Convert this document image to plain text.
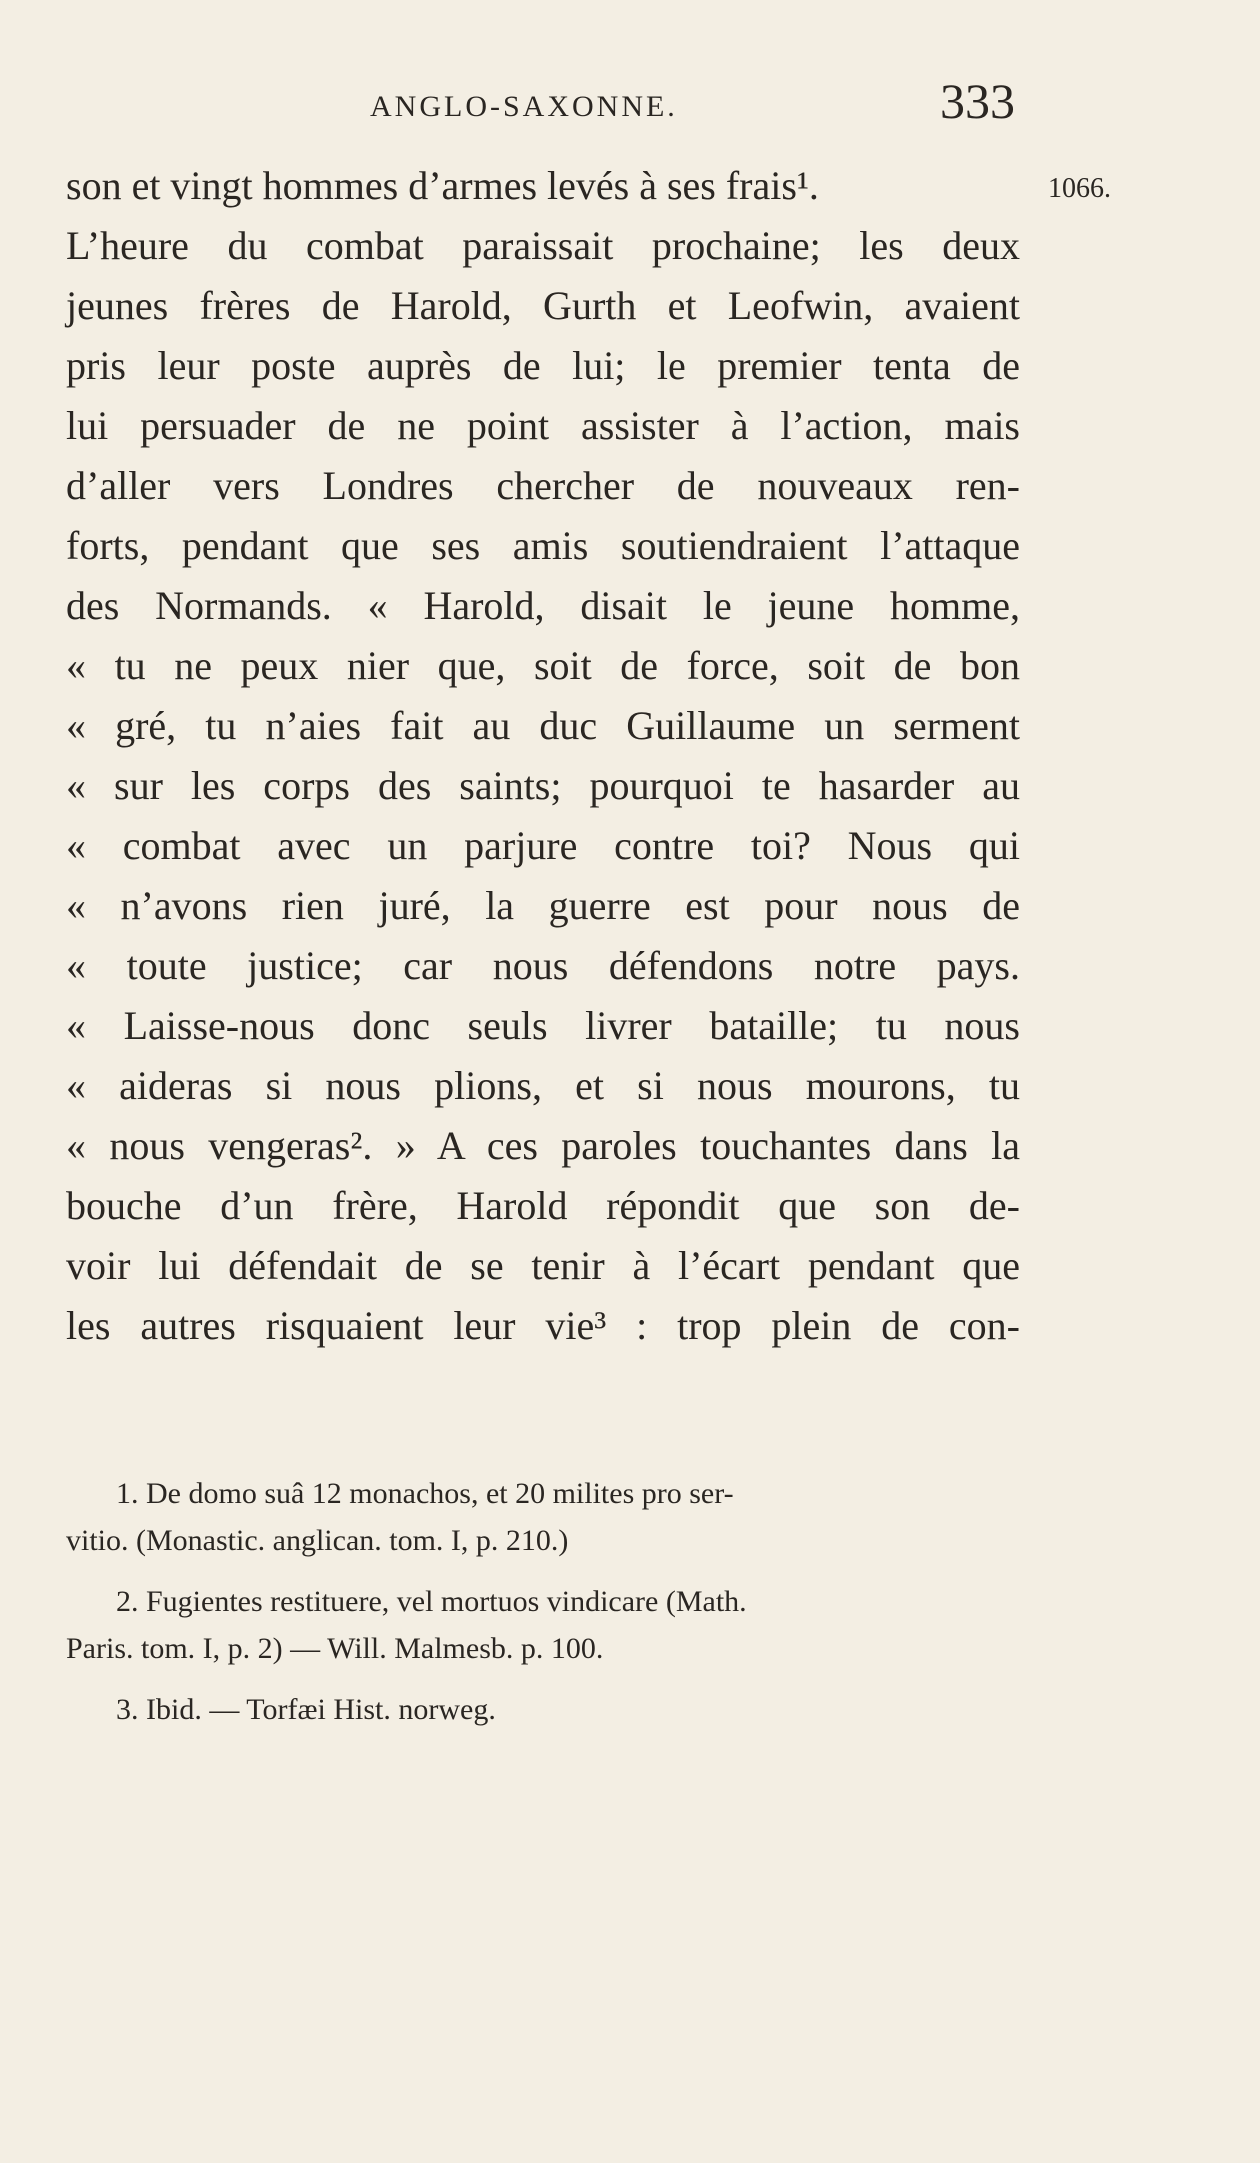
ANGLO-SAXONNE.	333
1066.
son et vingt hommes d’armes levés à ses frais¹.
L’heure du combat paraissait prochaine; les deux
jeunes frères de Harold, Gurth et Leofwin, avaient
pris leur poste auprès de lui; le premier tenta de
lui persuader de ne point assister à l’action, mais
d’aller vers Londres chercher de nouveaux ren-
forts, pendant que ses amis soutiendraient l’attaque
des Normands. « Harold, disait le jeune homme,
« tu ne peux nier que, soit de force, soit de bon
« gré, tu n’aies fait au duc Guillaume un serment
« sur les corps des saints; pourquoi te hasarder au
« combat avec un parjure contre toi? Nous qui
« n’avons rien juré, la guerre est pour nous de
« toute justice; car nous défendons notre pays.
« Laisse-nous donc seuls livrer bataille; tu nous
« aideras si nous plions, et si nous mourons, tu
« nous vengeras². » A ces paroles touchantes dans la
bouche d’un frère, Harold répondit que son de-
voir lui défendait de se tenir à l’écart pendant que
les autres risquaient leur vie³ : trop plein de con-
1. De domo suâ 12 monachos, et 20 milites pro ser-
vitio. (Monastic. anglican. tom. I, p. 210.)
2. Fugientes restituere, vel mortuos vindicare (Math.
Paris. tom. I, p. 2) — Will. Malmesb. p. 100.
3. Ibid. — Torfæi Hist. norweg.
